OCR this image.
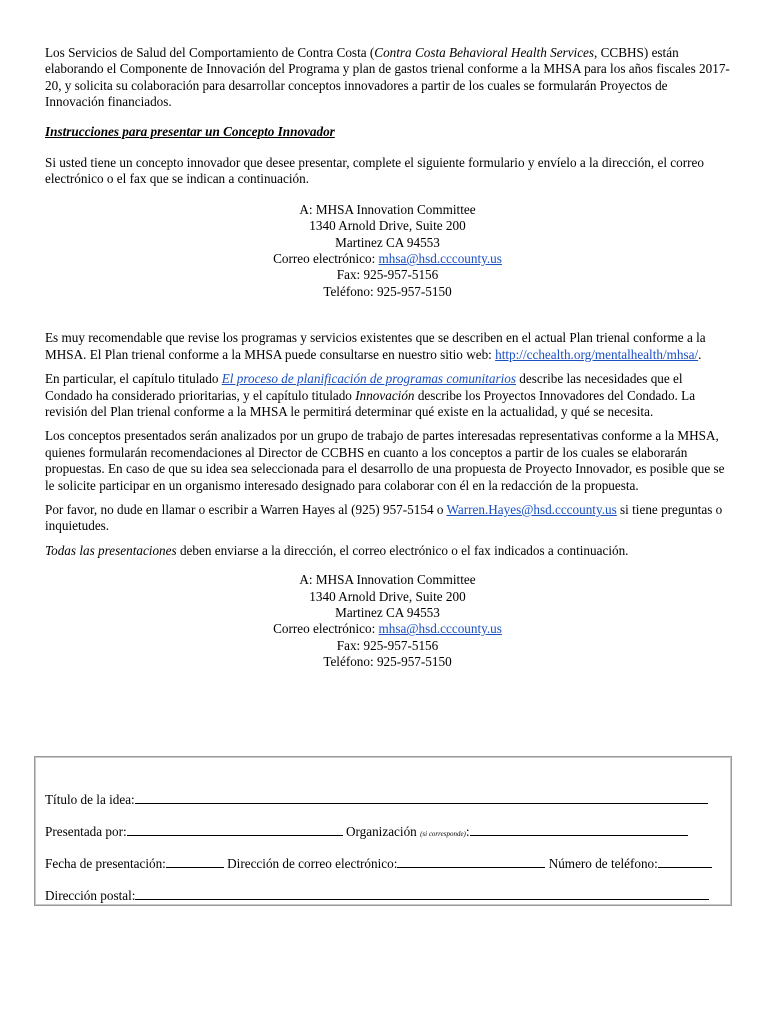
Los Servicios de Salud del Comportamiento de Contra Costa (Contra Costa Behavioral Health Services, CCBHS) están elaborando el Componente de Innovación del Programa y plan de gastos trienal conforme a la MHSA para los años fiscales 2017-20, y solicita su colaboración para desarrollar conceptos innovadores a partir de los cuales se formularán Proyectos de Innovación financiados.

Instrucciones para presentar un Concepto Innovador

Si usted tiene un concepto innovador que desee presentar, complete el siguiente formulario y envíelo a la dirección, el correo electrónico o el fax que se indican a continuación.

A: MHSA Innovation Committee
1340 Arnold Drive, Suite 200
Martinez CA 94553
Correo electrónico: mhsa@hsd.cccounty.us
Fax: 925-957-5156
Teléfono: 925-957-5150

Es muy recomendable que revise los programas y servicios existentes que se describen en el actual Plan trienal conforme a la MHSA. El Plan trienal conforme a la MHSA puede consultarse en nuestro sitio web: http://cchealth.org/mentalhealth/mhsa/.

En particular, el capítulo titulado El proceso de planificación de programas comunitarios describe las necesidades que el Condado ha considerado prioritarias, y el capítulo titulado Innovación describe los Proyectos Innovadores del Condado. La revisión del Plan trienal conforme a la MHSA le permitirá determinar qué existe en la actualidad, y qué se necesita.

Los conceptos presentados serán analizados por un grupo de trabajo de partes interesadas representativas conforme a la MHSA, quienes formularán recomendaciones al Director de CCBHS en cuanto a los conceptos a partir de los cuales se elaborarán propuestas. En caso de que su idea sea seleccionada para el desarrollo de una propuesta de Proyecto Innovador, es posible que se le solicite participar en un organismo interesado designado para colaborar con él en la redacción de la propuesta.

Por favor, no dude en llamar o escribir a Warren Hayes al (925) 957-5154 o Warren.Hayes@hsd.cccounty.us si tiene preguntas o inquietudes.

Todas las presentaciones deben enviarse a la dirección, el correo electrónico o el fax indicados a continuación.

A: MHSA Innovation Committee
1340 Arnold Drive, Suite 200
Martinez CA 94553
Correo electrónico: mhsa@hsd.cccounty.us
Fax: 925-957-5156
Teléfono: 925-957-5150
Título de la idea:
Presentada por:	Organización (si corresponde):
Fecha de presentación:	Dirección de correo electrónico:	Número de teléfono:
Dirección postal:
